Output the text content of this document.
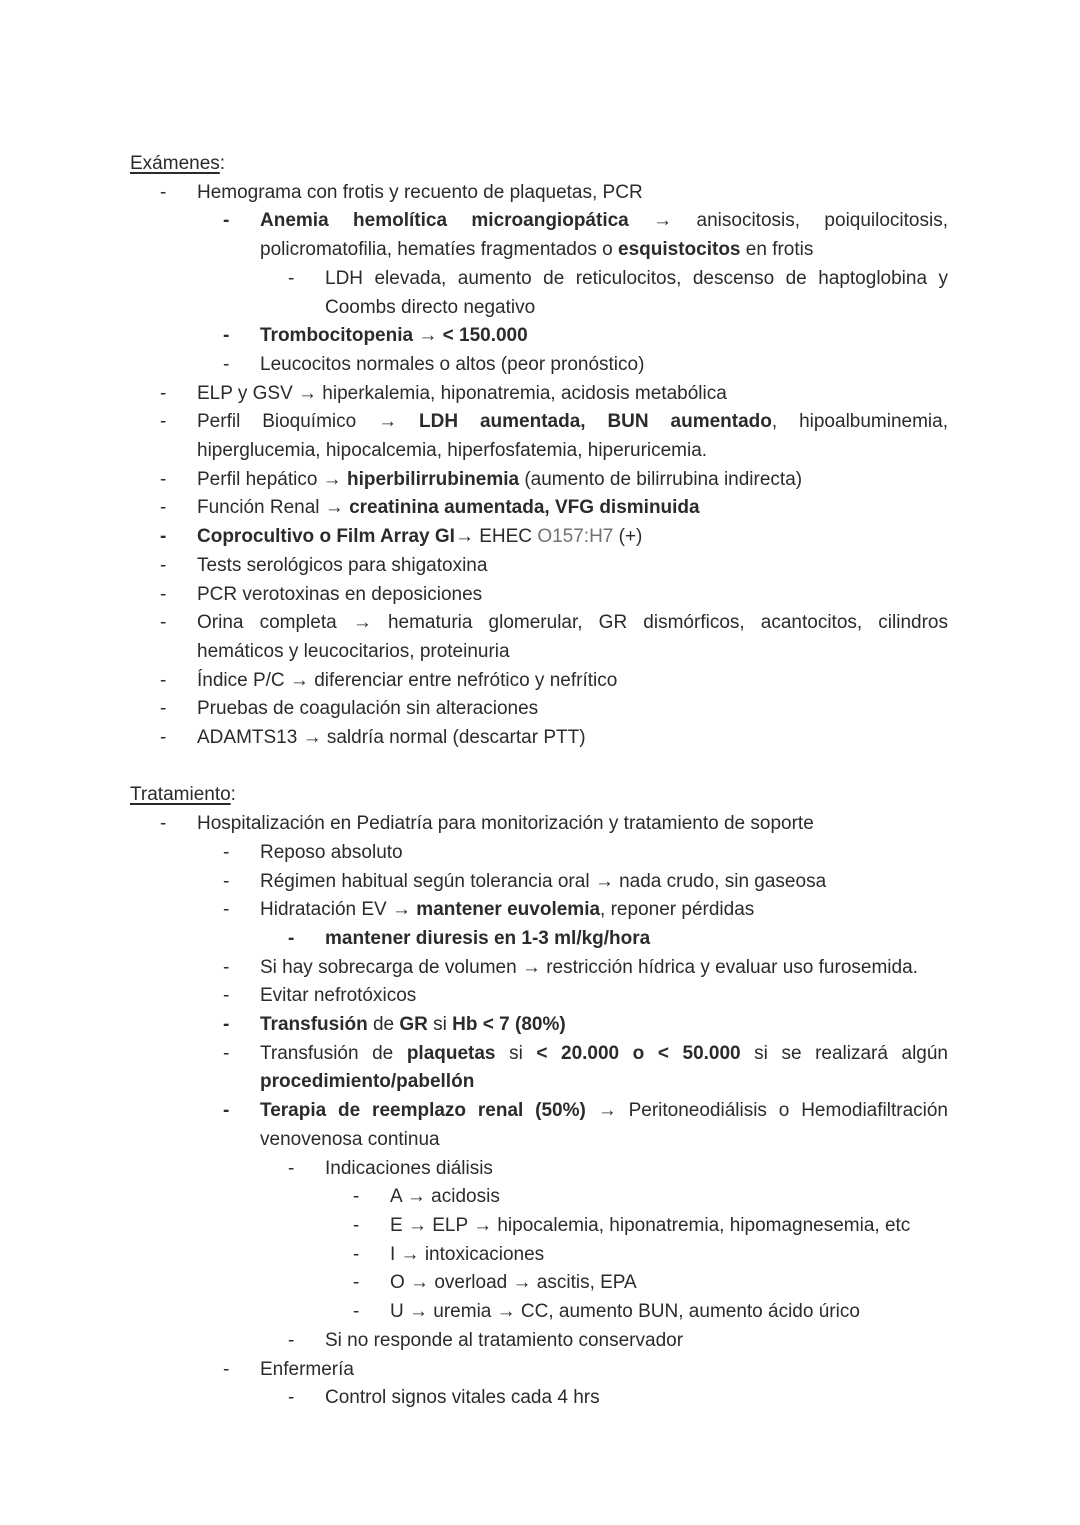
Exámenes:

-	Hemograma con frotis y recuento de plaquetas, PCR
-	Anemia hemolítica microangiopática → anisocitosis, poiquilocitosis, policromatofilia, hematíes fragmentados o esquistocitos en frotis
-	LDH elevada, aumento de reticulocitos, descenso de haptoglobina y Coombs directo negativo
-	Trombocitopenia → < 150.000
-	Leucocitos normales o altos (peor pronóstico)
-	ELP y GSV → hiperkalemia, hiponatremia, acidosis metabólica
-	Perfil Bioquímico → LDH aumentada, BUN aumentado, hipoalbuminemia, hiperglucemia, hipocalcemia, hiperfosfatemia, hiperuricemia.
-	Perfil hepático → hiperbilirrubinemia (aumento de bilirrubina indirecta)
-	Función Renal → creatinina aumentada, VFG disminuida
-	Coprocultivo o Film Array GI→ EHEC O157:H7 (+)
-	Tests serológicos para shigatoxina
-	PCR verotoxinas en deposiciones
-	Orina completa → hematuria glomerular, GR dismórficos, acantocitos, cilindros hemáticos y leucocitarios, proteinuria
-	Índice P/C → diferenciar entre nefrótico y nefrítico
-	Pruebas de coagulación sin alteraciones
-	ADAMTS13 → saldría normal (descartar PTT)

Tratamiento:

-	Hospitalización en Pediatría para monitorización y tratamiento de soporte
-	Reposo absoluto
-	Régimen habitual según tolerancia oral → nada crudo, sin gaseosa
-	Hidratación EV → mantener euvolemia, reponer pérdidas
-	mantener diuresis en 1-3 ml/kg/hora
-	Si hay sobrecarga de volumen → restricción hídrica y evaluar uso furosemida.
-	Evitar nefrotóxicos
-	Transfusión de GR si Hb < 7 (80%)
-	Transfusión de plaquetas si < 20.000 o < 50.000 si se realizará algún procedimiento/pabellón
-	Terapia de reemplazo renal (50%) → Peritoneodiálisis o Hemodiafiltración venovenosa continua
-	Indicaciones diálisis
-	A → acidosis
-	E → ELP → hipocalemia, hiponatremia, hipomagnesemia, etc
-	I → intoxicaciones
-	O → overload → ascitis, EPA
-	U → uremia → CC, aumento BUN, aumento ácido úrico
-	Si no responde al tratamiento conservador
-	Enfermería
-	Control signos vitales cada 4 hrs
